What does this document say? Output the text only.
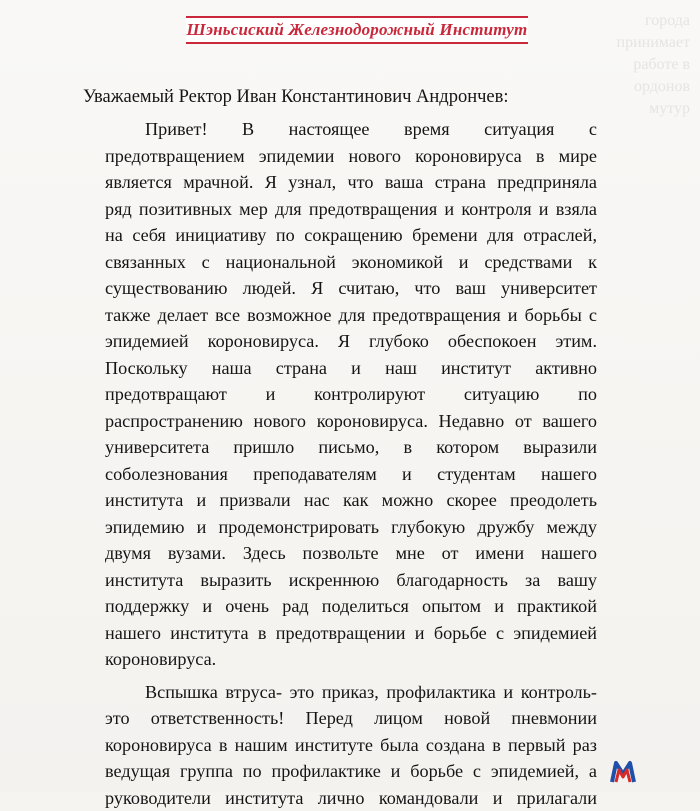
города
принимает
работе в
ордонов
мутур
Шэньсиский Железнодорожный Институт
Уважаемый Ректор Иван Константинович Андрончев:
Привет! В настоящее время ситуация с
предотвращением эпидемии нового короновируса в мире
является мрачной. Я узнал, что ваша страна предприняла
ряд позитивных мер для предотвращения и контроля и взяла
на себя инициативу по сокращению бремени для отраслей,
связанных с национальной экономикой и средствами к
существованию людей. Я считаю, что ваш университет
также делает все возможное для предотвращения и борьбы с
эпидемией короновируса. Я глубоко обеспокоен этим.
Поскольку наша страна и наш институт активно
предотвращают и контролируют ситуацию по
распространению нового короновируса. Недавно от вашего
университета пришло письмо, в котором выразили
соболезнования преподавателям и студентам нашего
института и призвали нас как можно скорее преодолеть
эпидемию и продемонстрировать глубокую дружбу между
двумя вузами. Здесь позвольте мне от имени нашего
института выразить искреннюю благодарность за вашу
поддержку и очень рад поделиться опытом и практикой
нашего института в предотвращении и борьбе с эпидемией
короновируса.
Вспышка втруса- это приказ, профилактика и контроль-
это ответственность! Перед лицом новой пневмонии
короновируса в нашим институте была создана в первый раз
ведущая группа по профилактике и борьбе с эпидемией, а
руководители института лично командовали и прилагали
